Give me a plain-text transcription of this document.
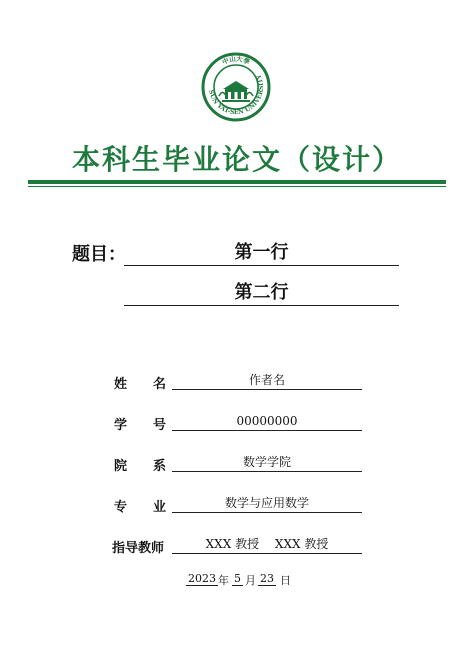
SUN YAT-SEN UNIVERSITY
中山大學
本科生毕业论文（设计）
题目：	第一行
第二行
姓　　名	作者名
学　　号	00000000
院　　系	数学学院
专　　业	数学与应用数学
指导教师	XXX 教授　 XXX 教授
2023 年 5 月 23 日
